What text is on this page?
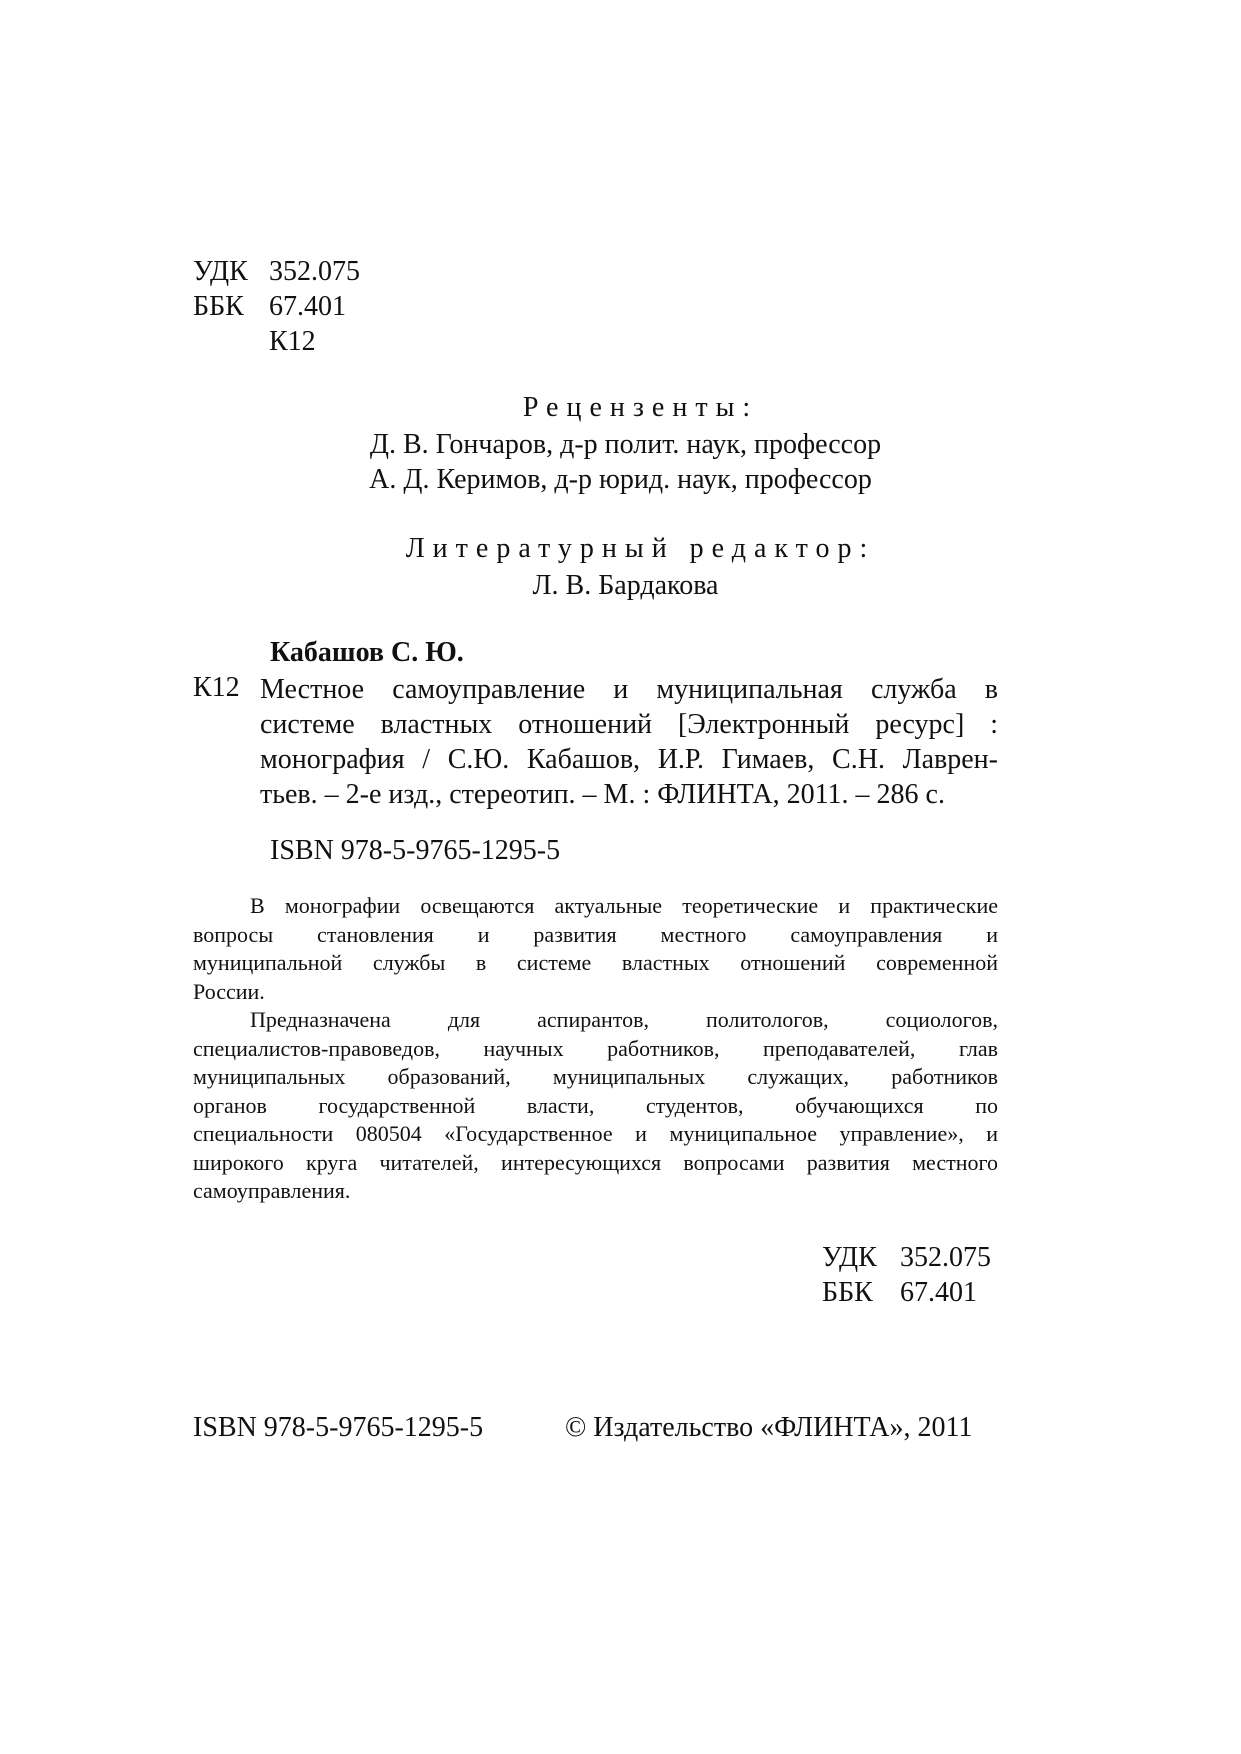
УДК 352.075
ББК 67.401
К12
Рецензенты:
Д. В. Гончаров, д-р полит. наук, профессор
А. Д. Керимов, д-р юрид. наук, профессор
Литературный редактор:
Л. В. Бардакова
Кабашов С. Ю.
К12 Местное самоуправление и муниципальная служба в
системе властных отношений [Электронный ресурс] :
монография / С.Ю. Кабашов, И.Р. Гимаев, С.Н. Лаврен-
тьев. – 2-е изд., стереотип. – М. : ФЛИНТА, 2011. – 286 с.
ISBN 978-5-9765-1295-5
В монографии освещаются актуальные теоретические и практические
вопросы становления и развития местного самоуправления и
муниципальной службы в системе властных отношений современной
России.
Предназначена для аспирантов, политологов, социологов,
специалистов-правоведов, научных работников, преподавателей, глав
муниципальных образований, муниципальных служащих, работников
органов государственной власти, студентов, обучающихся по
специальности 080504 «Государственное и муниципальное управление», и
широкого круга читателей, интересующихся вопросами развития местного
самоуправления.
УДК 352.075
ББК 67.401
ISBN 978-5-9765-1295-5	© Издательство «ФЛИНТА», 2011
